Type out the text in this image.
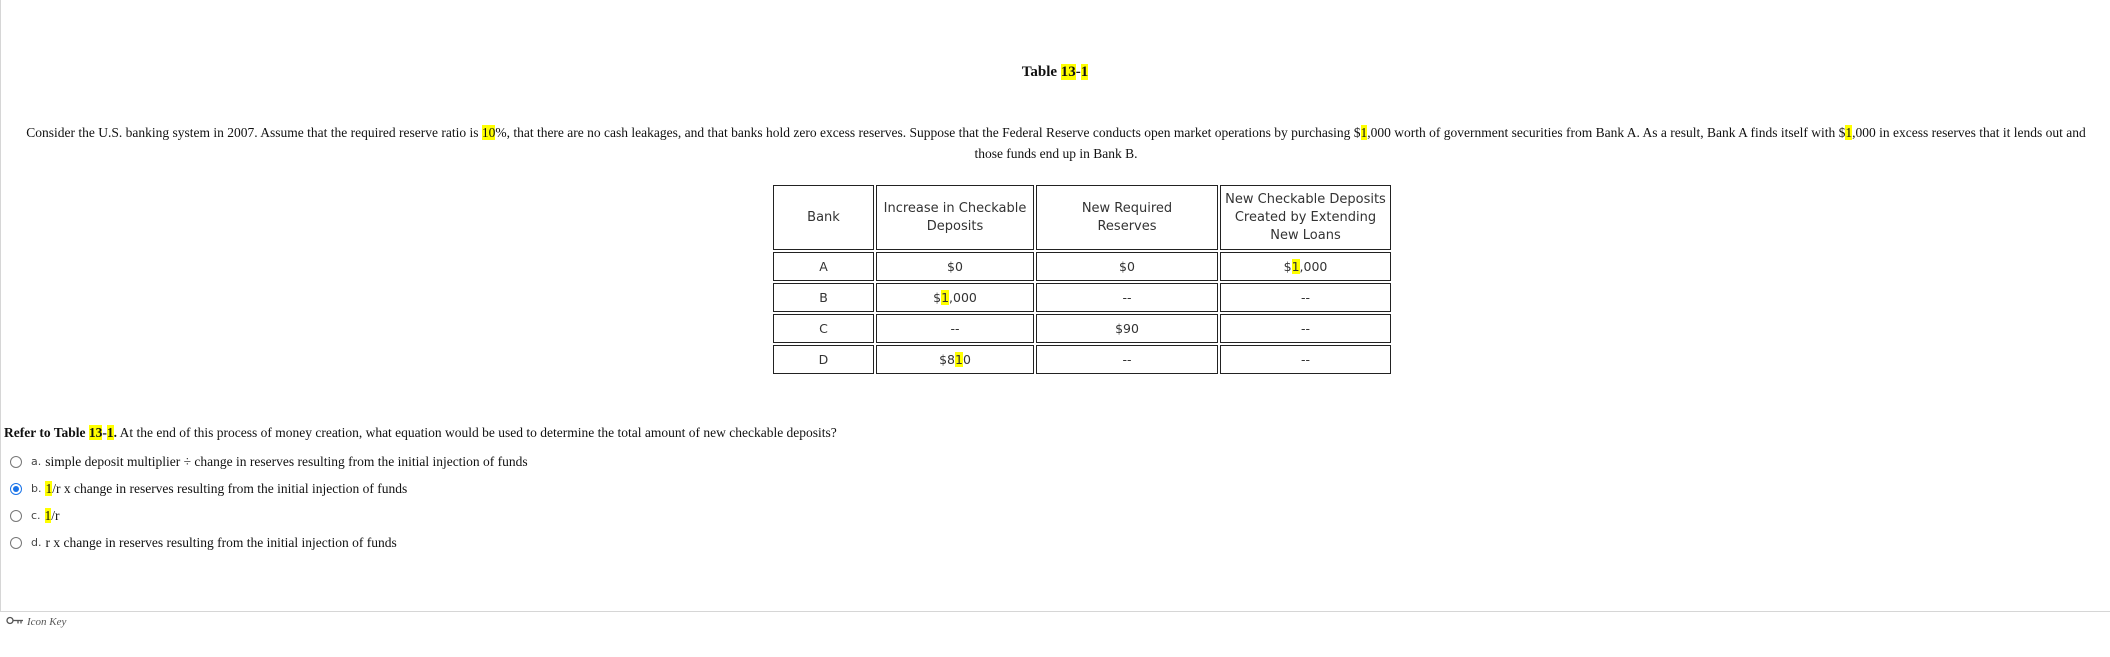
Table 13-1
Consider the U.S. banking system in 2007. Assume that the required reserve ratio is 10%, that there are no cash leakages, and that banks hold zero excess reserves. Suppose that the Federal Reserve conducts open market operations by purchasing $1,000 worth of government securities from Bank A. As a result, Bank A finds itself with $1,000 in excess reserves that it lends out and those funds end up in Bank B.
Bank	Increase in Checkable Deposits	New Required Reserves	New Checkable Deposits Created by Extending New Loans
A	$0	$0	$1,000
B	$1,000	--	--
C	--	$90	--
D	$810	--	--
Refer to Table 13-1. At the end of this process of money creation, what equation would be used to determine the total amount of new checkable deposits?
a. simple deposit multiplier ÷ change in reserves resulting from the initial injection of funds
b. 1/r x change in reserves resulting from the initial injection of funds
c. 1/r
d. r x change in reserves resulting from the initial injection of funds
Icon Key
